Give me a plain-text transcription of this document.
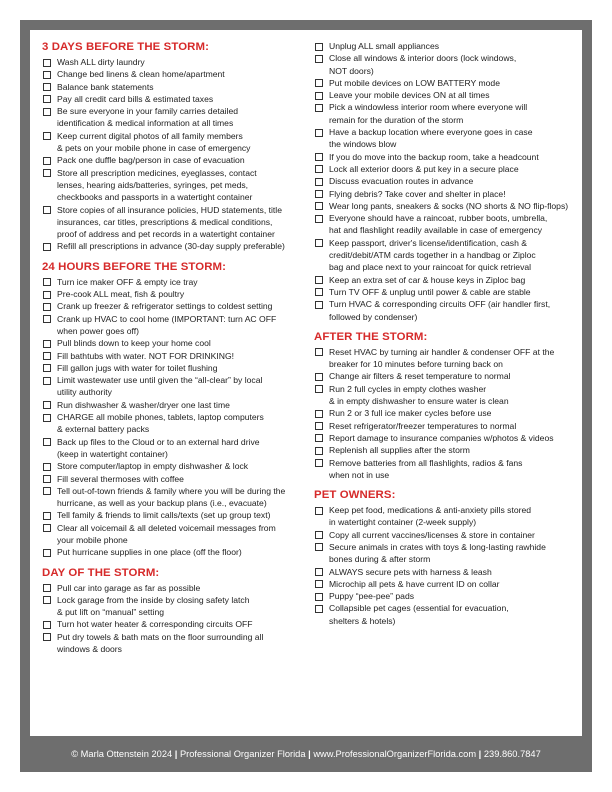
3 DAYS BEFORE THE STORM:
Wash ALL dirty laundry
Change bed linens & clean home/apartment
Balance bank statements
Pay all credit card bills & estimated taxes
Be sure everyone in your family carries detailed
identification & medical information at all times
Keep current digital photos of all family members
& pets on your mobile phone in case of emergency
Pack one duffle bag/person in case of evacuation
Store all prescription medicines, eyeglasses, contact
lenses, hearing aids/batteries, syringes, pet meds,
checkbooks and passports in a watertight container
Store copies of all insurance policies, HUD statements, title
insurances, car titles, prescriptions & medical conditions,
proof of address and pet records in a watertight container
Refill all prescriptions in advance (30-day supply preferable)
24 HOURS BEFORE THE STORM:
Turn ice maker OFF & empty ice tray
Pre-cook ALL meat, fish & poultry
Crank up freezer & refrigerator settings to coldest setting
Crank up HVAC to cool home (IMPORTANT: turn AC OFF
when power goes off)
Pull blinds down to keep your home cool
Fill bathtubs with water. NOT FOR DRINKING!
Fill gallon jugs with water for toilet flushing
Limit wastewater use until given the “all-clear” by local
utility authority
Run dishwasher & washer/dryer one last time
CHARGE all mobile phones, tablets, laptop computers
& external battery packs
Back up files to the Cloud or to an external hard drive
(keep in watertight container)
Store computer/laptop in empty dishwasher & lock
Fill several thermoses with coffee
Tell out-of-town friends & family where you will be during the
hurricane, as well as your backup plans (i.e., evacuate)
Tell family & friends to limit calls/texts (set up group text)
Clear all voicemail & all deleted voicemail messages from
your mobile phone
Put hurricane supplies in one place (off the floor)
DAY OF THE STORM:
Pull car into garage as far as possible
Lock garage from the inside by closing safety latch
& put lift on “manual” setting
Turn hot water heater & corresponding circuits OFF
Put dry towels & bath mats on the floor surrounding all
windows & doors
Unplug ALL small appliances
Close all windows & interior doors (lock windows,
NOT doors)
Put mobile devices on LOW BATTERY mode
Leave your mobile devices ON at all times
Pick a windowless interior room where everyone will
remain for the duration of the storm
Have a backup location where everyone goes in case
the windows blow
If you do move into the backup room, take a headcount
Lock all exterior doors & put key in a secure place
Discuss evacuation routes in advance
Flying debris? Take cover and shelter in place!
Wear long pants, sneakers & socks (NO shorts & NO flip-flops)
Everyone should have a raincoat, rubber boots, umbrella,
hat and flashlight readily available in case of emergency
Keep passport, driver's license/identification, cash &
credit/debit/ATM cards together in a handbag or Ziploc
bag and place next to your raincoat for quick retrieval
Keep an extra set of car & house keys in Ziploc bag
Turn TV OFF & unplug until power & cable are stable
Turn HVAC & corresponding circuits OFF (air handler first,
followed by condenser)
AFTER THE STORM:
Reset HVAC by turning air handler & condenser OFF at the
breaker for 10 minutes before turning back on
Change air filters & reset temperature to normal
Run 2 full cycles in empty clothes washer
& in empty dishwasher to ensure water is clean
Run 2 or 3 full ice maker cycles before use
Reset refrigerator/freezer temperatures to normal
Report damage to insurance companies w/photos & videos
Replenish all supplies after the storm
Remove batteries from all flashlights, radios & fans
when not in use
PET OWNERS:
Keep pet food, medications & anti-anxiety pills stored
in watertight container (2-week supply)
Copy all current vaccines/licenses & store in container
Secure animals in crates with toys & long-lasting rawhide
bones during & after storm
ALWAYS secure pets with harness & leash
Microchip all pets & have current ID on collar
Puppy “pee-pee” pads
Collapsible pet cages (essential for evacuation,
shelters & hotels)
© Marla Ottenstein 2024 | Professional Organizer Florida | www.ProfessionalOrganizerFlorida.com | 239.860.7847
